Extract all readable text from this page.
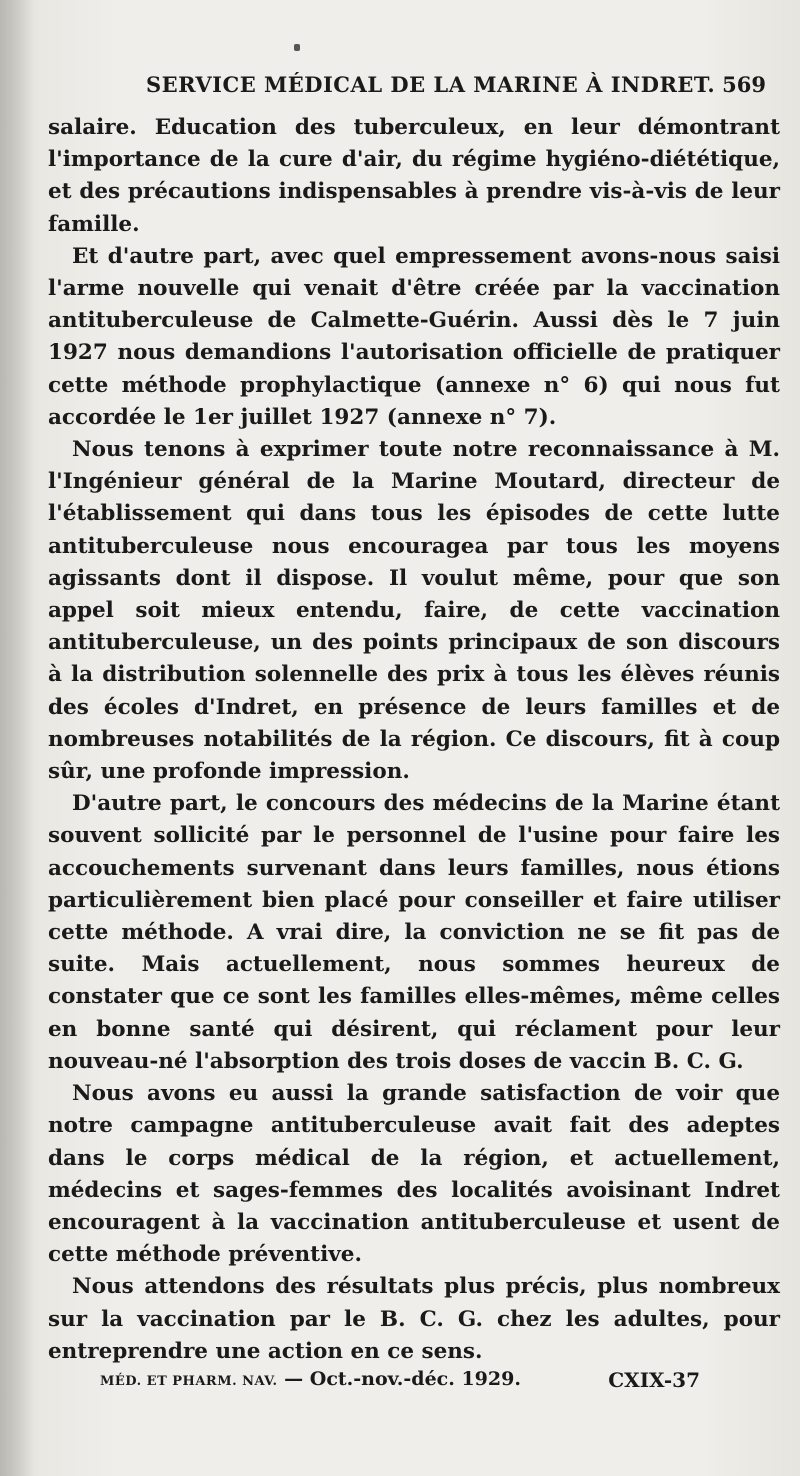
SERVICE MÉDICAL DE LA MARINE À INDRET. 569

salaire. Education des tuberculeux, en leur démontrant l'importance de la cure d'air, du régime hygiéno-diététique, et des précautions indispensables à prendre vis-à-vis de leur famille.

Et d'autre part, avec quel empressement avons-nous saisi l'arme nouvelle qui venait d'être créée par la vaccination antituberculeuse de Calmette-Guérin. Aussi dès le 7 juin 1927 nous demandions l'autorisation officielle de pratiquer cette méthode prophylactique (annexe n° 6) qui nous fut accordée le 1er juillet 1927 (annexe n° 7).

Nous tenons à exprimer toute notre reconnaissance à M. l'Ingénieur général de la Marine Moutard, directeur de l'établissement qui dans tous les épisodes de cette lutte antituberculeuse nous encouragea par tous les moyens agissants dont il dispose. Il voulut même, pour que son appel soit mieux entendu, faire, de cette vaccination antituberculeuse, un des points principaux de son discours à la distribution solennelle des prix à tous les élèves réunis des écoles d'Indret, en présence de leurs familles et de nombreuses notabilités de la région. Ce discours, fit à coup sûr, une profonde impression.

D'autre part, le concours des médecins de la Marine étant souvent sollicité par le personnel de l'usine pour faire les accouchements survenant dans leurs familles, nous étions particulièrement bien placé pour conseiller et faire utiliser cette méthode. A vrai dire, la conviction ne se fit pas de suite. Mais actuellement, nous sommes heureux de constater que ce sont les familles elles-mêmes, même celles en bonne santé qui désirent, qui réclament pour leur nouveau-né l'absorption des trois doses de vaccin B. C. G.

Nous avons eu aussi la grande satisfaction de voir que notre campagne antituberculeuse avait fait des adeptes dans le corps médical de la région, et actuellement, médecins et sages-femmes des localités avoisinant Indret encouragent à la vaccination antituberculeuse et usent de cette méthode préventive.

Nous attendons des résultats plus précis, plus nombreux sur la vaccination par le B. C. G. chez les adultes, pour entreprendre une action en ce sens.

MÉD. ET PHARM. NAV. — Oct.-nov.-déc. 1929.	CXIX-37
